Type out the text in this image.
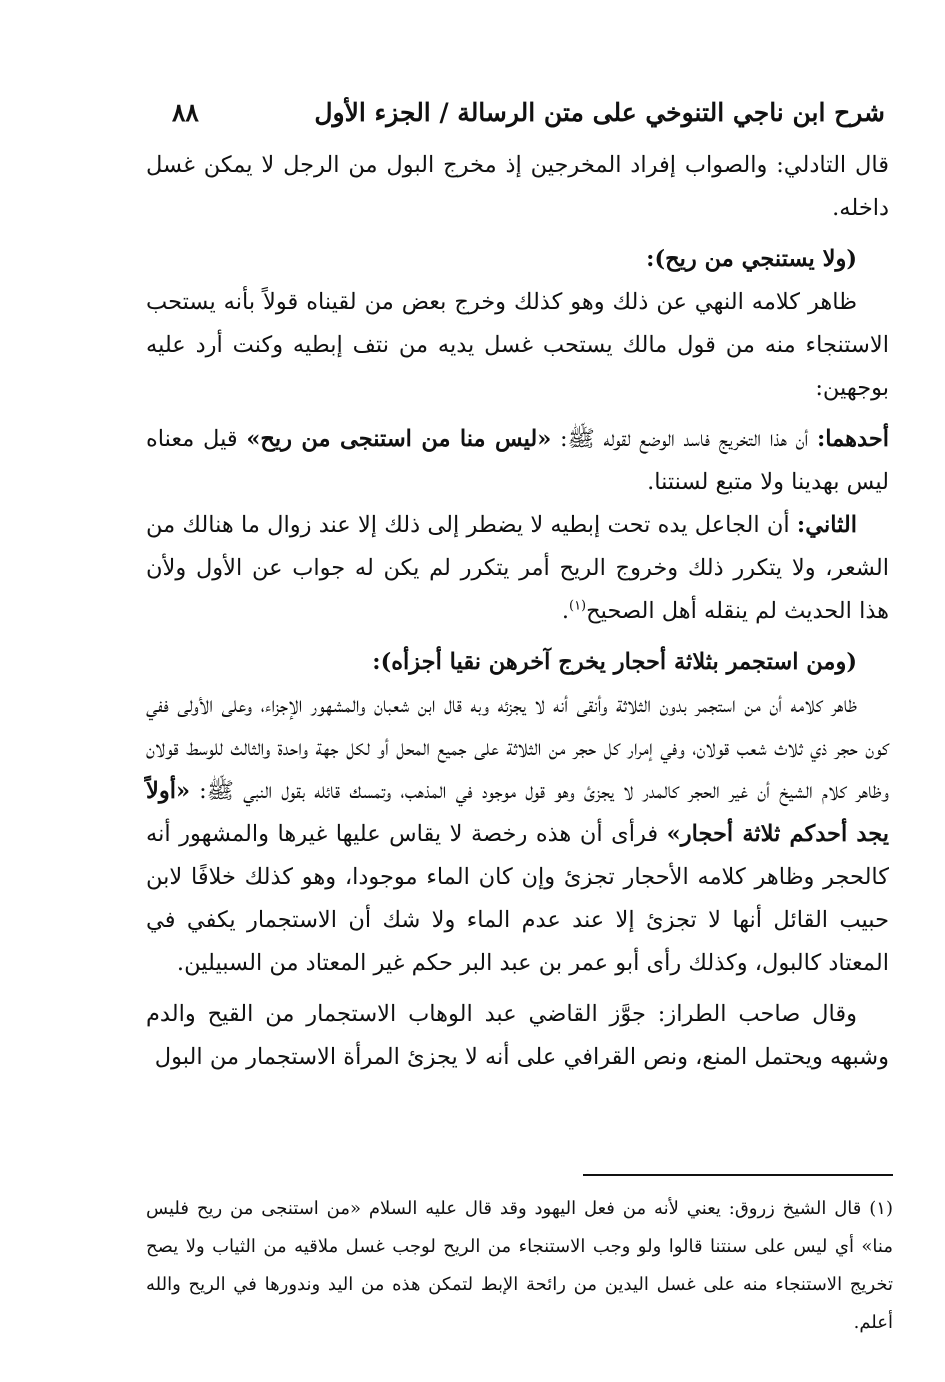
شرح ابن ناجي التنوخي على متن الرسالة / الجزء الأول
٨٨

قال التادلي: والصواب إفراد المخرجين إذ مخرج البول من الرجل لا يمكن غسل داخله.

(ولا يستنجي من ريح):

ظاهر كلامه النهي عن ذلك وهو كذلك وخرج بعض من لقيناه قولاً بأنه يستحب الاستنجاء منه من قول مالك يستحب غسل يديه من نتف إبطيه وكنت أرد عليه بوجهين:

أحدهما: أن هذا التخريج فاسد الوضع لقوله ﷺ: «ليس منا من استنجى من ريح» قيل معناه ليس بهدينا ولا متبع لسنتنا.

الثاني: أن الجاعل يده تحت إبطيه لا يضطر إلى ذلك إلا عند زوال ما هنالك من الشعر، ولا يتكرر ذلك وخروج الريح أمر يتكرر لم يكن له جواب عن الأول ولأن هذا الحديث لم ينقله أهل الصحيح$^{(١)}$.

(ومن استجمر بثلاثة أحجار يخرج آخرهن نقيا أجزأه):

ظاهر كلامه أن من استجمر بدون الثلاثة وأنقى أنه لا يجزئه وبه قال ابن شعبان والمشهور الإجزاء، وعلى الأولى ففي كون حجر ذي ثلاث شعب قولان، وفي إمرار كل حجر من الثلاثة على جميع المحل أو لكل جهة واحدة والثالث للوسط قولان وظاهر كلام الشيخ أن غير الحجر كالمدر لا يجزئ وهو قول موجود في المذهب، وتمسك قائله بقول النبي ﷺ: «أولاً يجد أحدكم ثلاثة أحجار» فرأى أن هذه رخصة لا يقاس عليها غيرها والمشهور أنه كالحجر وظاهر كلامه الأحجار تجزئ وإن كان الماء موجودا، وهو كذلك خلافًا لابن حبيب القائل أنها لا تجزئ إلا عند عدم الماء ولا شك أن الاستجمار يكفي في المعتاد كالبول، وكذلك رأى أبو عمر بن عبد البر حكم غير المعتاد من السبيلين.

وقال صاحب الطراز: جوَّز القاضي عبد الوهاب الاستجمار من القيح والدم وشبهه ويحتمل المنع، ونص القرافي على أنه لا يجزئ المرأة الاستجمار من البول

(١) قال الشيخ زروق: يعني لأنه من فعل اليهود وقد قال عليه السلام «من استنجى من ريح فليس منا» أي ليس على سنتنا قالوا ولو وجب الاستنجاء من الريح لوجب غسل ملاقيه من الثياب ولا يصح تخريج الاستنجاء منه على غسل اليدين من رائحة الإبط لتمكن هذه من اليد وندورها في الريح والله أعلم.
